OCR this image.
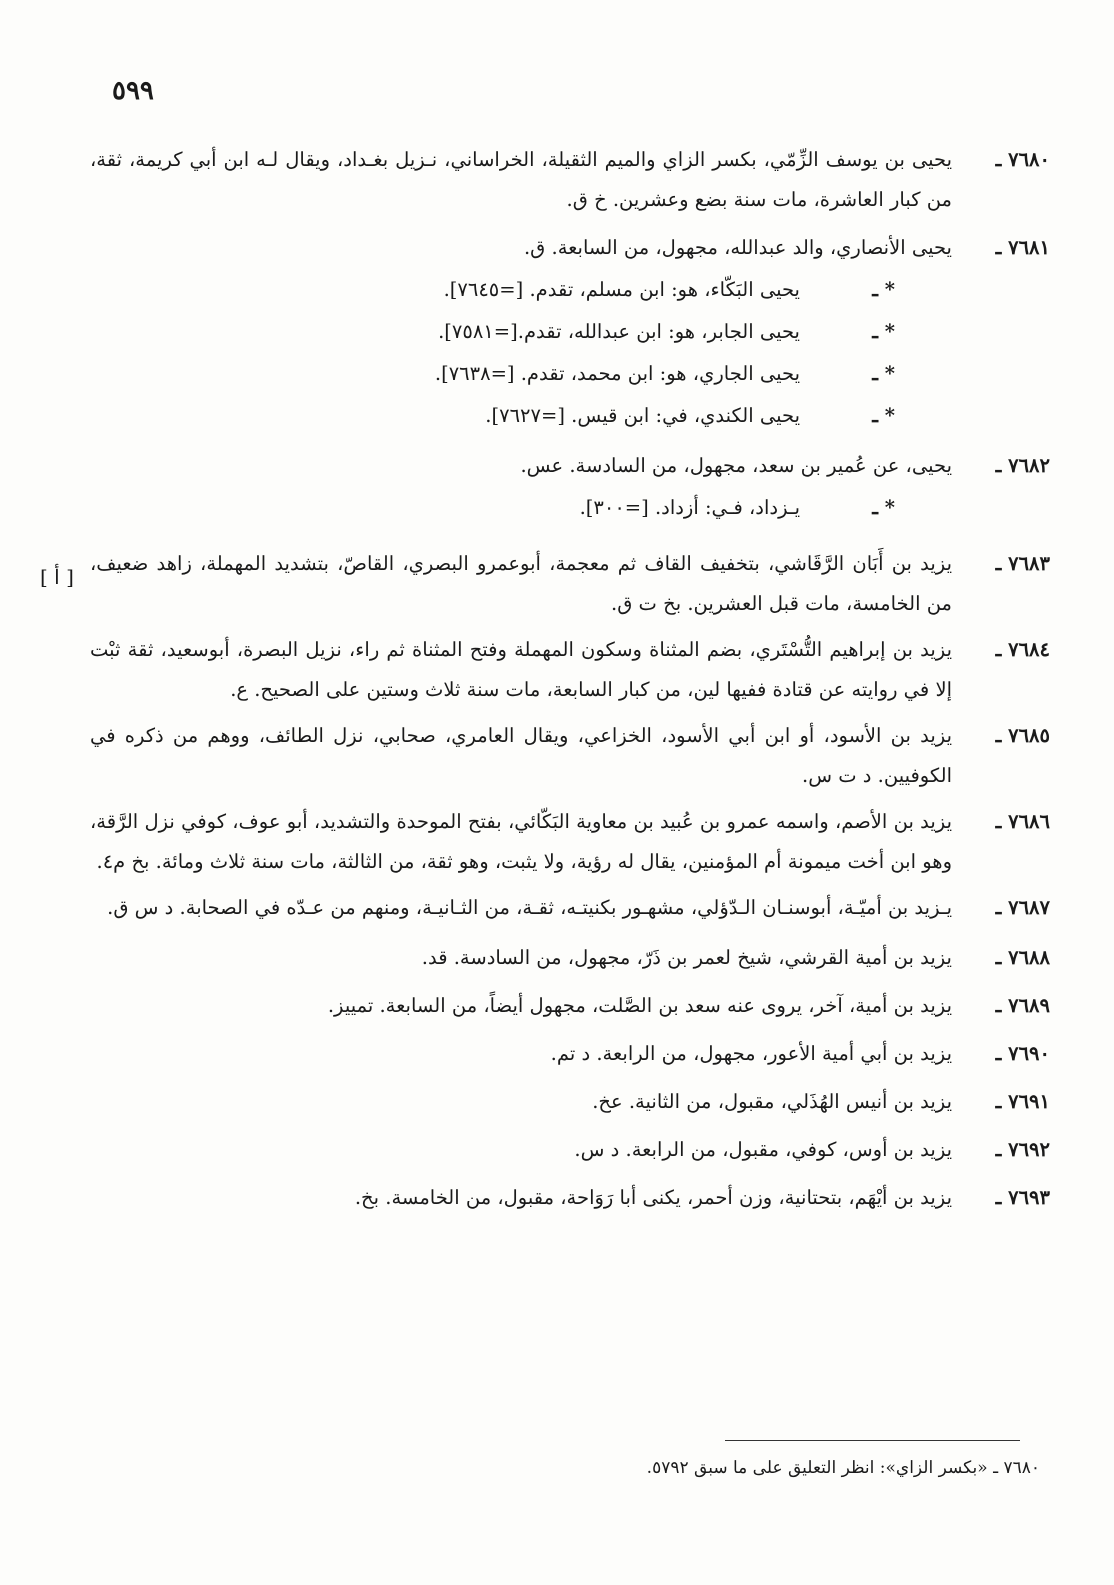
٥٩٩
[ أ ]
٧٦٨٠ ـ
يحيى بن يوسف الزِّمّي، بكسر الزاي والميم الثقيلة، الخراساني، نـزيل بغـداد، ويقال لـه ابن أبي كريمة، ثقة، من كبار العاشرة، مات سنة بضع وعشرين. خ ق.
٧٦٨١ ـ
يحيى الأنصاري، والد عبدالله، مجهول، من السابعة. ق.
* ـ
يحيى البَكّاء، هو: ابن مسلم، تقدم. [=٧٦٤٥].
* ـ
يحيى الجابر، هو: ابن عبدالله، تقدم.[=٧٥٨١].
* ـ
يحيى الجاري، هو: ابن محمد، تقدم. [=٧٦٣٨].
* ـ
يحيى الكندي، في: ابن قيس. [=٧٦٢٧].
٧٦٨٢ ـ
يحيى، عن عُمير بن سعد، مجهول، من السادسة. عس.
* ـ
يـزداد، فـي: أزداد. [=٣٠٠].
٧٦٨٣ ـ
يزيد بن أَبَان الرَّقَاشي، بتخفيف القاف ثم معجمة، أبوعمرو البصري، القاصّ، بتشديد المهملة، زاهد ضعيف، من الخامسة، مات قبل العشرين. بخ ت ق.
٧٦٨٤ ـ
يزيد بن إبراهيم التُّسْتَري، بضم المثناة وسكون المهملة وفتح المثناة ثم راء، نزيل البصرة، أبوسعيد، ثقة ثبْت إلا في روايته عن قتادة ففيها لين، من كبار السابعة، مات سنة ثلاث وستين على الصحيح. ع.
٧٦٨٥ ـ
يزيد بن الأسود، أو ابن أبي الأسود، الخزاعي، ويقال العامري، صحابي، نزل الطائف، ووهم من ذكره في الكوفيين. د ت س.
٧٦٨٦ ـ
يزيد بن الأصم، واسمه عمرو بن عُبيد بن معاوية البَكّائي، بفتح الموحدة والتشديد، أبو عوف، كوفي نزل الرَّقة، وهو ابن أخت ميمونة أم المؤمنين، يقال له رؤية، ولا يثبت، وهو ثقة، من الثالثة، مات سنة ثلاث ومائة. بخ م٤.
٧٦٨٧ ـ
يـزيد بن أميّـة، أبوسنـان الـدّؤلي، مشهـور بكنيتـه، ثقـة، من الثـانيـة، ومنهم من عـدّه في الصحابة. د س ق.
٧٦٨٨ ـ
يزيد بن أمية القرشي، شيخ لعمر بن ذَرّ، مجهول، من السادسة. قد.
٧٦٨٩ ـ
يزيد بن أمية، آخر، يروى عنه سعد بن الصَّلت، مجهول أيضاً، من السابعة. تمييز.
٧٦٩٠ ـ
يزيد بن أبي أمية الأعور، مجهول، من الرابعة. د تم.
٧٦٩١ ـ
يزيد بن أنيس الهُذَلي، مقبول، من الثانية. عخ.
٧٦٩٢ ـ
يزيد بن أوس، كوفي، مقبول، من الرابعة. د س.
٧٦٩٣ ـ
يزيد بن أيْهَم، بتحتانية، وزن أحمر، يكنى أبا رَوَاحة، مقبول، من الخامسة. بخ.
٧٦٨٠ ـ «بكسر الزاي»: انظر التعليق على ما سبق ٥٧٩٢.
